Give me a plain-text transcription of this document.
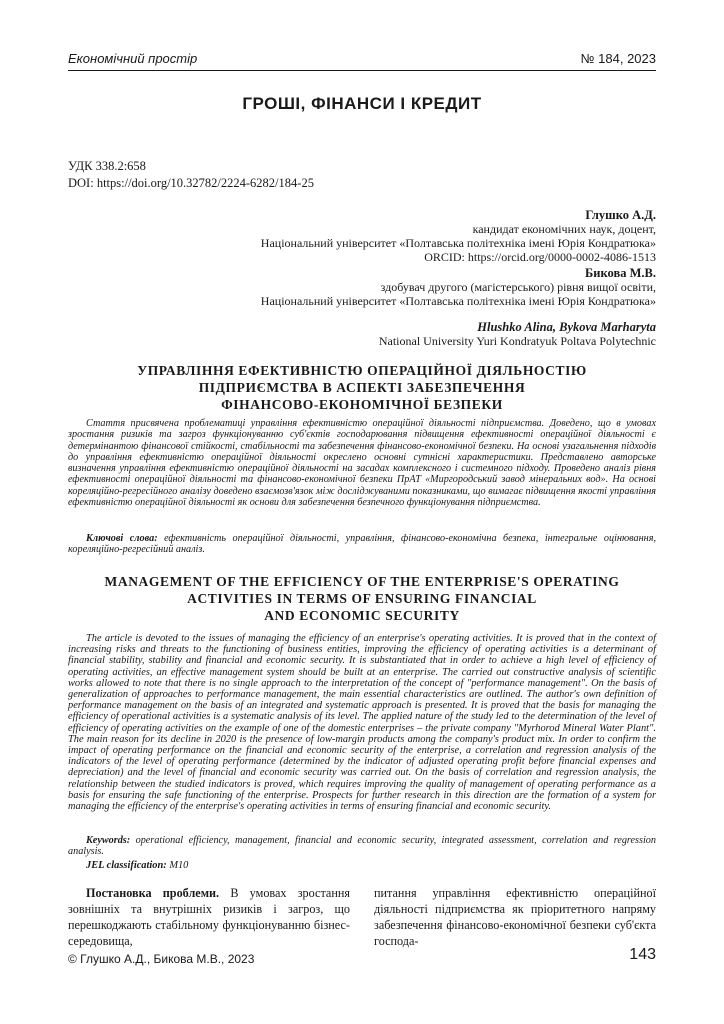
Економічний простір	№ 184, 2023
ГРОШІ, ФІНАНСИ І КРЕДИТ
УДК 338.2:658
DOI: https://doi.org/10.32782/2224-6282/184-25
Глушко А.Д.
кандидат економічних наук, доцент,
Національний університет «Полтавська політехніка імені Юрія Кондратюка»
ORCID: https://orcid.org/0000-0002-4086-1513
Бикова М.В.
здобувач другого (магістерського) рівня вищої освіти,
Національний університет «Полтавська політехніка імені Юрія Кондратюка»
Hlushko Alina, Bykova Marharyta
National University Yuri Kondratyuk Poltava Polytechnic
УПРАВЛІННЯ ЕФЕКТИВНІСТЮ ОПЕРАЦІЙНОЇ ДІЯЛЬНОСТІЮ
ПІДПРИЄМСТВА В АСПЕКТІ ЗАБЕЗПЕЧЕННЯ
ФІНАНСОВО-ЕКОНОМІЧНОЇ БЕЗПЕКИ
Стаття присвячена проблематиці управління ефективністю операційної діяльності підприємства. Доведено, що в умовах зростання ризиків та загроз функціонуванню суб'єктів господарювання підвищення ефективності операційної діяльності є детермінантою фінансової стійкості, стабільності та забезпечення фінансово-економічної безпеки. На основі узагальнення підходів до управління ефективністю операційної діяльності окреслено основні сутнісні характеристики. Представлено авторське визначення управління ефективністю операційної діяльності на засадах комплексного і системного підходу. Проведено аналіз рівня ефективності операційної діяльності та фінансово-економічної безпеки ПрАТ «Миргородський завод мінеральних вод». На основі кореляційно-регресійного аналізу доведено взаємозв'язок між досліджуваними показниками, що вимагає підвищення якості управління ефективністю операційної діяльності як основи для забезпечення безпечного функціонування підприємства.
Ключові слова: ефективність операційної діяльності, управління, фінансово-економічна безпека, інтегральне оцінювання, кореляційно-регресійний аналіз.
MANAGEMENT OF THE EFFICIENCY OF THE ENTERPRISE'S OPERATING
ACTIVITIES IN TERMS OF ENSURING FINANCIAL
AND ECONOMIC SECURITY
The article is devoted to the issues of managing the efficiency of an enterprise's operating activities. It is proved that in the context of increasing risks and threats to the functioning of business entities, improving the efficiency of operating activities is a determinant of financial stability, stability and financial and economic security. It is substantiated that in order to achieve a high level of efficiency of operating activities, an effective management system should be built at an enterprise. The carried out constructive analysis of scientific works allowed to note that there is no single approach to the interpretation of the concept of "performance management". On the basis of generalization of approaches to performance management, the main essential characteristics are outlined. The author's own definition of performance management on the basis of an integrated and systematic approach is presented. It is proved that the basis for managing the efficiency of operational activities is a systematic analysis of its level. The applied nature of the study led to the determination of the level of efficiency of operating activities on the example of one of the domestic enterprises – the private company "Myrhorod Mineral Water Plant". The main reason for its decline in 2020 is the presence of low-margin products among the company's product mix. In order to confirm the impact of operating performance on the financial and economic security of the enterprise, a correlation and regression analysis of the indicators of the level of operating performance (determined by the indicator of adjusted operating profit before financial expenses and depreciation) and the level of financial and economic security was carried out. On the basis of correlation and regression analysis, the relationship between the studied indicators is proved, which requires improving the quality of management of operating performance as a basis for ensuring the safe functioning of the enterprise. Prospects for further research in this direction are the formation of a system for managing the efficiency of the enterprise's operating activities in terms of ensuring financial and economic security.
Keywords: operational efficiency, management, financial and economic security, integrated assessment, correlation and regression analysis.
JEL classification: M10
Постановка проблеми. В умовах зростання зовнішніх та внутрішніх ризиків і загроз, що перешкоджають стабільному функціонуванню бізнес-середовища,
питання управління ефективністю операційної діяльності підприємства як пріоритетного напряму забезпечення фінансово-економічної безпеки суб'єкта господа-
© Глушко А.Д., Бикова М.В., 2023	143
